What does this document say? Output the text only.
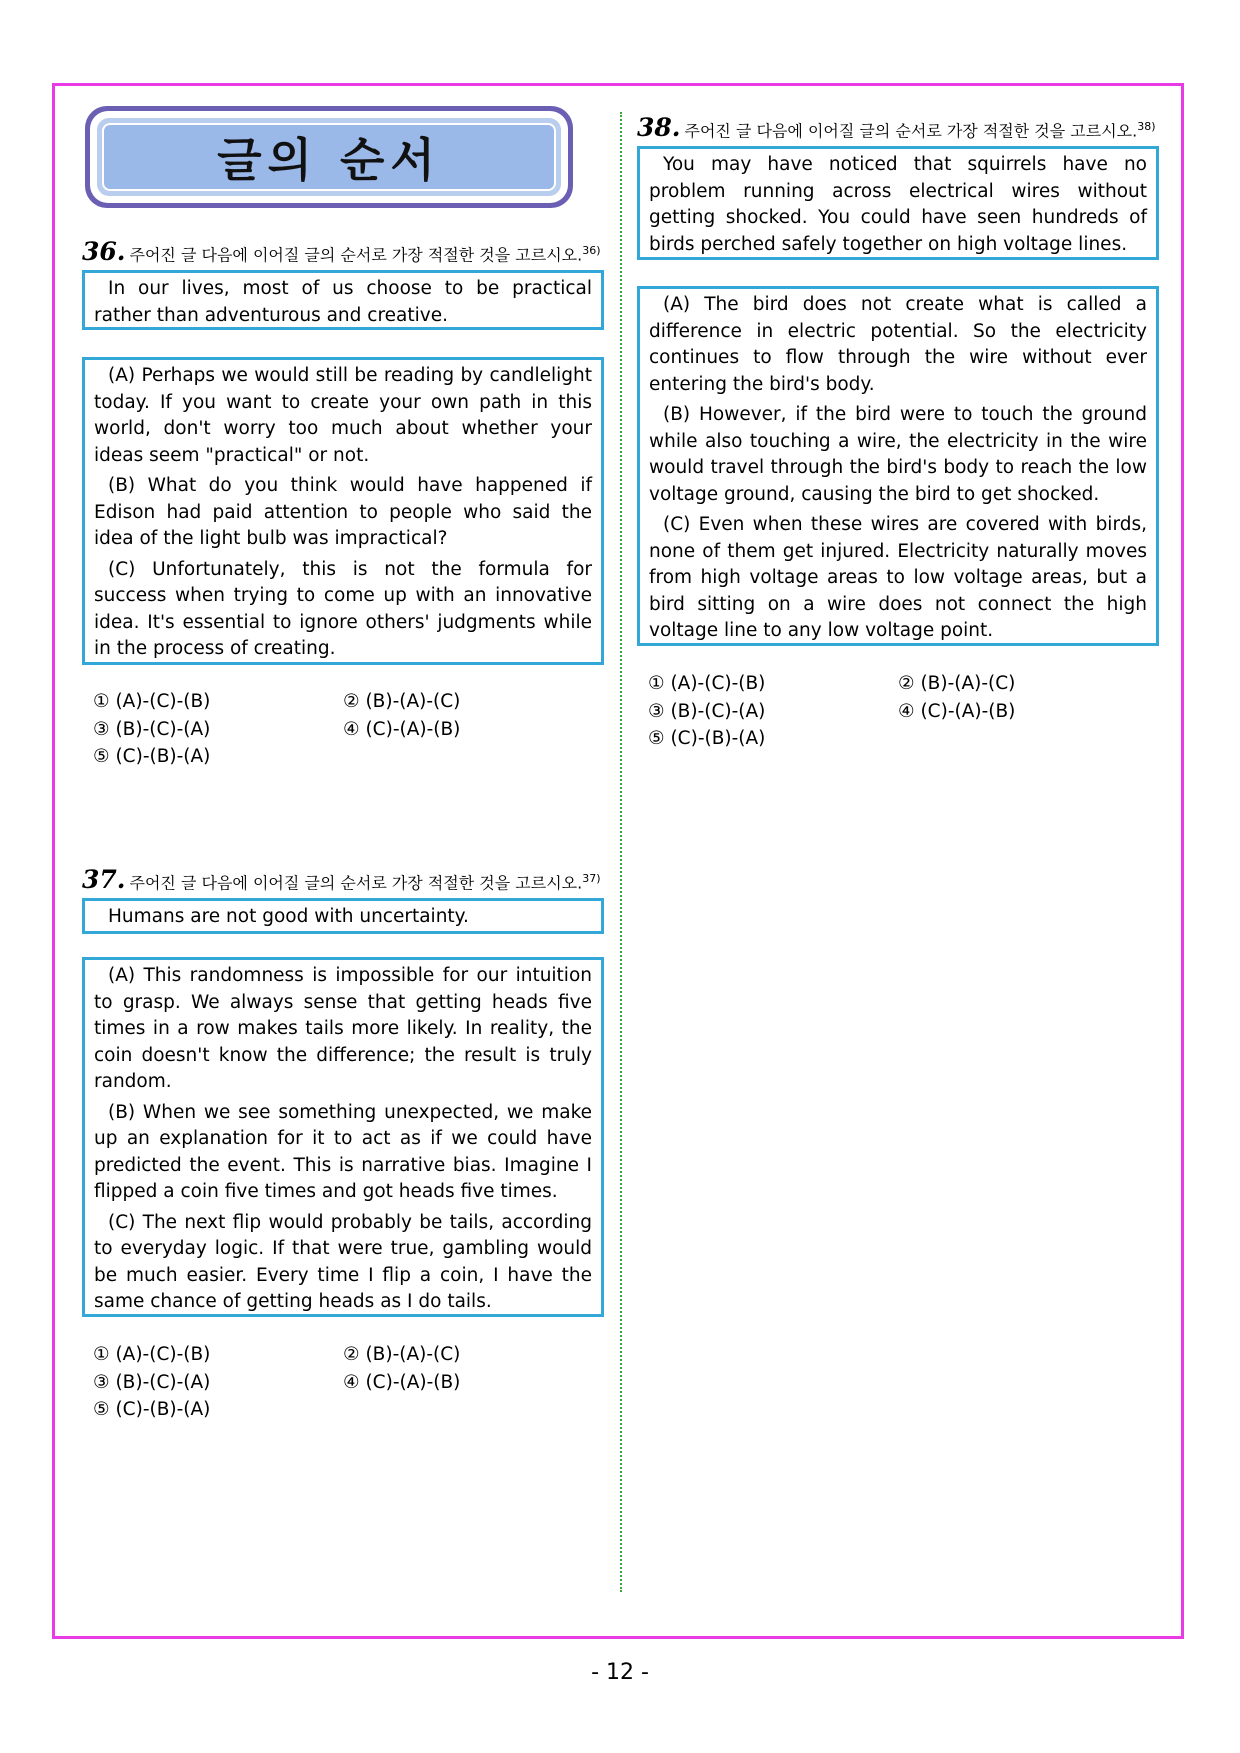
글의 순서
36. 주어진 글 다음에 이어질 글의 순서로 가장 적절한 것을 고르시오.$^{36)}$

In our lives, most of us choose to be practical rather than adventurous and creative.

(A) Perhaps we would still be reading by candlelight today. If you want to create your own path in this world, don't worry too much about whether your ideas seem "practical" or not.

(B) What do you think would have happened if Edison had paid attention to people who said the idea of the light bulb was impractical?

(C) Unfortunately, this is not the formula for success when trying to come up with an innovative idea. It's essential to ignore others' judgments while in the process of creating.

① (A)-(C)-(B)	② (B)-(A)-(C)
③ (B)-(C)-(A)	④ (C)-(A)-(B)
⑤ (C)-(B)-(A)
37. 주어진 글 다음에 이어질 글의 순서로 가장 적절한 것을 고르시오.$^{37)}$

Humans are not good with uncertainty.

(A) This randomness is impossible for our intuition to grasp. We always sense that getting heads five times in a row makes tails more likely. In reality, the coin doesn't know the difference; the result is truly random.

(B) When we see something unexpected, we make up an explanation for it to act as if we could have predicted the event. This is narrative bias. Imagine I flipped a coin five times and got heads five times.

(C) The next flip would probably be tails, according to everyday logic. If that were true, gambling would be much easier. Every time I flip a coin, I have the same chance of getting heads as I do tails.

① (A)-(C)-(B)	② (B)-(A)-(C)
③ (B)-(C)-(A)	④ (C)-(A)-(B)
⑤ (C)-(B)-(A)
38. 주어진 글 다음에 이어질 글의 순서로 가장 적절한 것을 고르시오.$^{38)}$

You may have noticed that squirrels have no problem running across electrical wires without getting shocked. You could have seen hundreds of birds perched safely together on high voltage lines.

(A) The bird does not create what is called a difference in electric potential. So the electricity continues to flow through the wire without ever entering the bird's body.

(B) However, if the bird were to touch the ground while also touching a wire, the electricity in the wire would travel through the bird's body to reach the low voltage ground, causing the bird to get shocked.

(C) Even when these wires are covered with birds, none of them get injured. Electricity naturally moves from high voltage areas to low voltage areas, but a bird sitting on a wire does not connect the high voltage line to any low voltage point.

① (A)-(C)-(B)	② (B)-(A)-(C)
③ (B)-(C)-(A)	④ (C)-(A)-(B)
⑤ (C)-(B)-(A)
- 12 -
